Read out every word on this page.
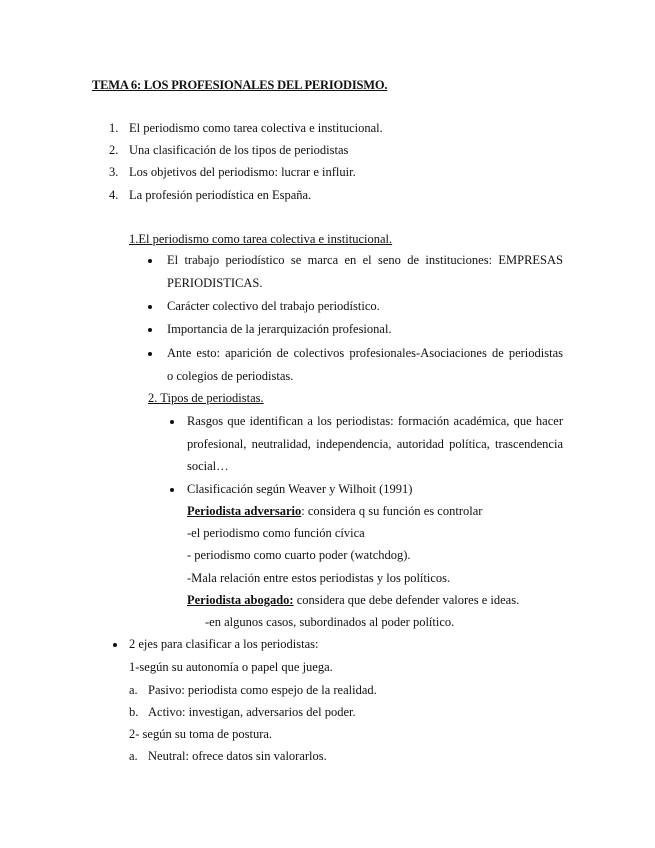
TEMA 6: LOS PROFESIONALES DEL PERIODISMO.
1. El periodismo como tarea colectiva e institucional.
2. Una clasificación de los tipos de periodistas
3. Los objetivos del periodismo: lucrar e influir.
4. La profesión periodística en España.
1.El periodismo como tarea colectiva e institucional.
El trabajo periodístico se marca en el seno de instituciones: EMPRESAS
PERIODISTICAS.
Carácter colectivo del trabajo periodístico.
Importancia de la jerarquización profesional.
Ante esto: aparición de colectivos profesionales-Asociaciones de periodistas
o colegios de periodistas.
2. Tipos de periodistas.
Rasgos que identifican a los periodistas: formación académica, que hacer
profesional, neutralidad, independencia, autoridad política, trascendencia
social…
Clasificación según Weaver y Wilhoit (1991)
Periodista adversario: considera q su función es controlar
-el periodismo como función cívica
- periodismo como cuarto poder (watchdog).
-Mala relación entre estos periodistas y los políticos.
Periodista abogado: considera que debe defender valores e ideas.
-en algunos casos, subordinados al poder político.
2 ejes para clasificar a los periodistas:
1-según su autonomía o papel que juega.
a. Pasivo: periodista como espejo de la realidad.
b. Activo: investigan, adversarios del poder.
2- según su toma de postura.
a. Neutral: ofrece datos sin valorarlos.
